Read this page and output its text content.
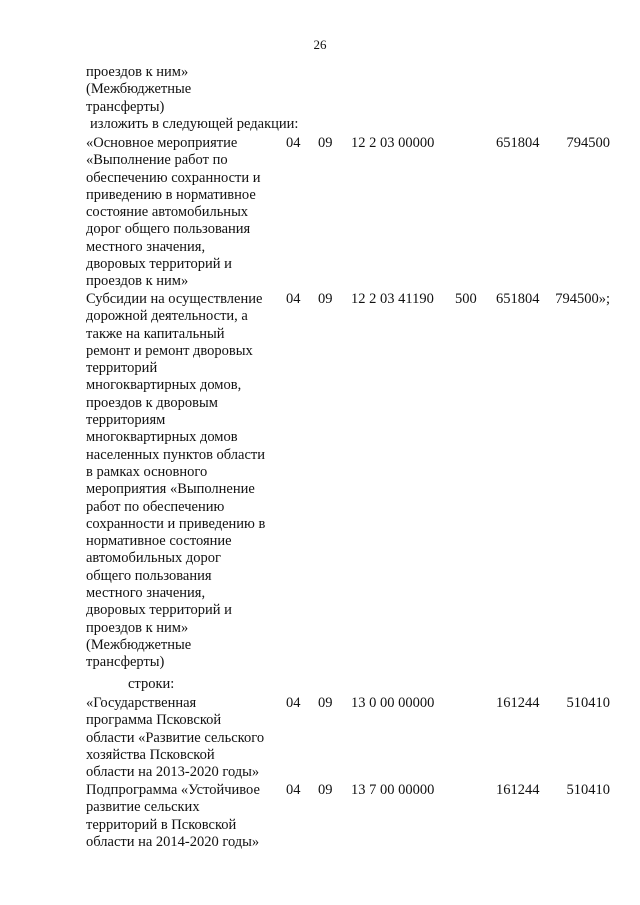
26
проездов к ним»
(Межбюджетные
трансферты)
изложить в следующей редакции:
«Основное мероприятие
«Выполнение работ по
обеспечению сохранности и
приведению в нормативное
состояние автомобильных
дорог общего пользования
местного значения,
дворовых территорий и
проездов к ним»
04 09 12 2 03 00000	651804 794500
Субсидии на осуществление
дорожной деятельности, а
также на капитальный
ремонт и ремонт дворовых
территорий
многоквартирных домов,
проездов к дворовым
территориям
многоквартирных домов
населенных пунктов области
в рамках основного
мероприятия «Выполнение
работ по обеспечению
сохранности и приведению в
нормативное состояние
автомобильных дорог
общего пользования
местного значения,
дворовых территорий и
проездов к ним»
(Межбюджетные
трансферты)
04 09 12 2 03 41190 500 651804 794500»;
строки:
«Государственная
программа Псковской
области «Развитие сельского
хозяйства Псковской
области на 2013-2020 годы»
04 09 13 0 00 00000	161244 510410
Подпрограмма «Устойчивое
развитие сельских
территорий в Псковской
области на 2014-2020 годы»
04 09 13 7 00 00000	161244 510410
